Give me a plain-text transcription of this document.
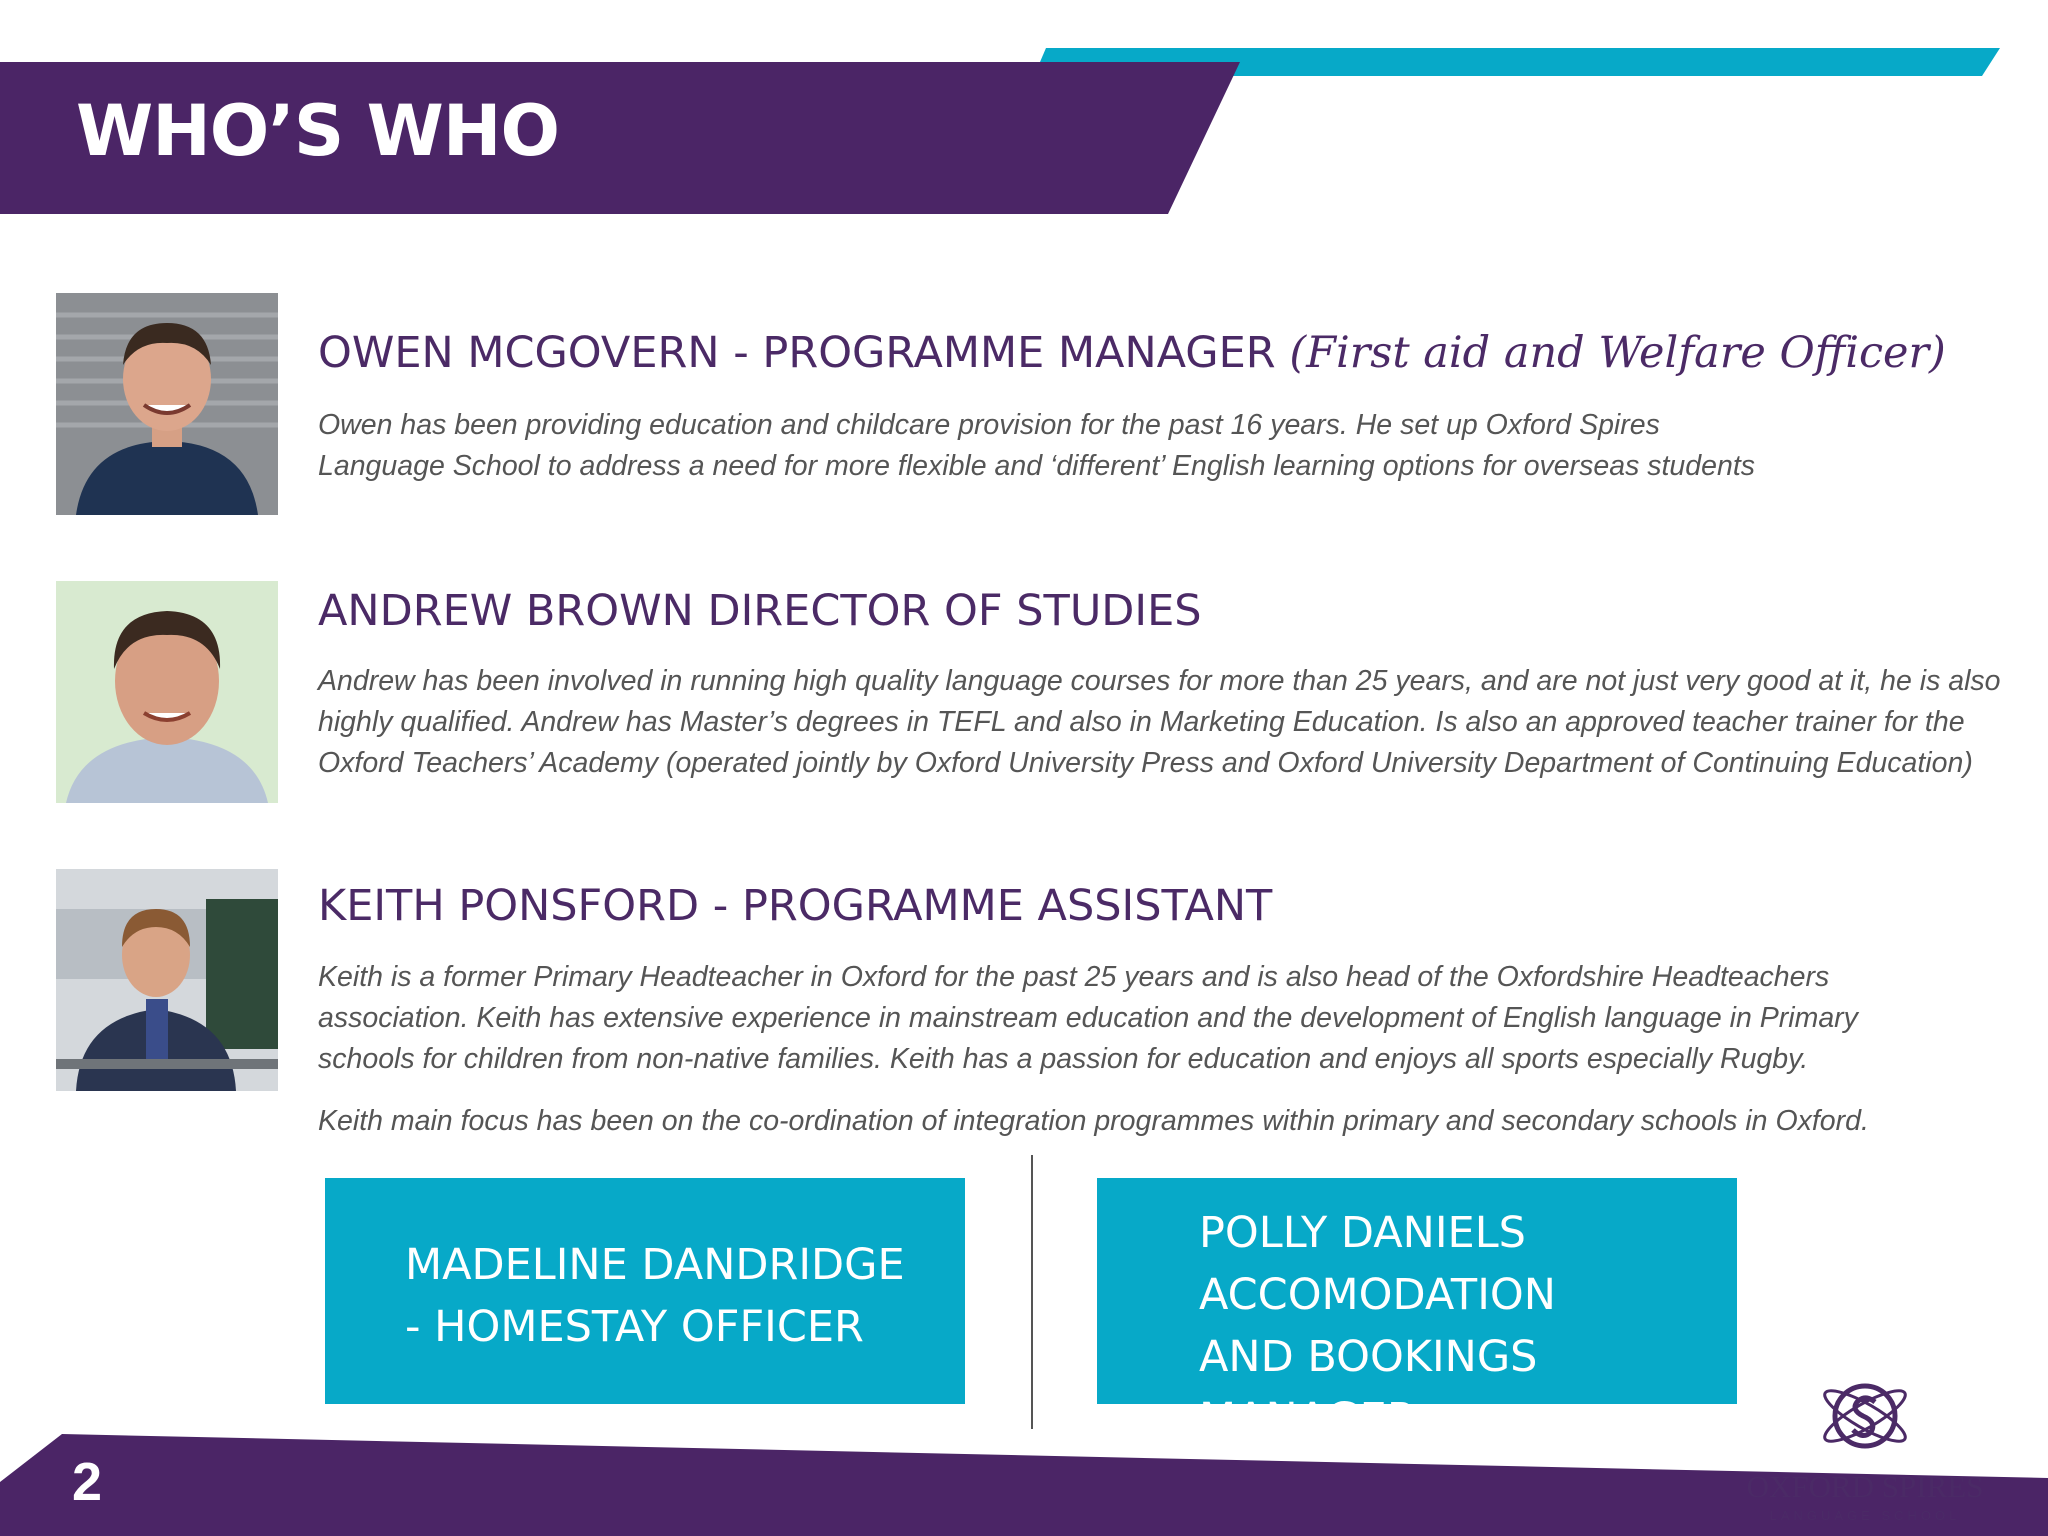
WHO’S WHO
OWEN MCGOVERN - PROGRAMME MANAGER (First aid and Welfare Officer)

Owen has been providing education and childcare provision for the past 16 years. He set up Oxford Spires Language School to address a need for more flexible and ‘different’ English learning options for overseas students

ANDREW BROWN DIRECTOR OF STUDIES

Andrew has been involved in running high quality language courses for more than 25 years, and are not just very good at it, he is also highly qualified. Andrew has Master’s degrees in TEFL and also in Marketing Education. Is also an approved teacher trainer for the Oxford Teachers’ Academy (operated jointly by Oxford University Press and Oxford University Department of Continuing Education)

KEITH PONSFORD - PROGRAMME ASSISTANT

Keith is a former Primary Headteacher in Oxford for the past 25 years and is also head of the Oxfordshire Headteachers association. Keith has extensive experience in mainstream education and the development of English language in Primary schools for children from non-native families. Keith has a passion for education and enjoys all sports especially Rugby.

Keith main focus has been on the co-ordination of integration programmes within primary and secondary schools in Oxford.

MADELINE DANDRIDGE - HOMESTAY OFFICER
POLLY DANIELS ACCOMODATION AND BOOKINGS MANAGER
2	OXFORD SPIRES
LANGUAGE SCHOOL
